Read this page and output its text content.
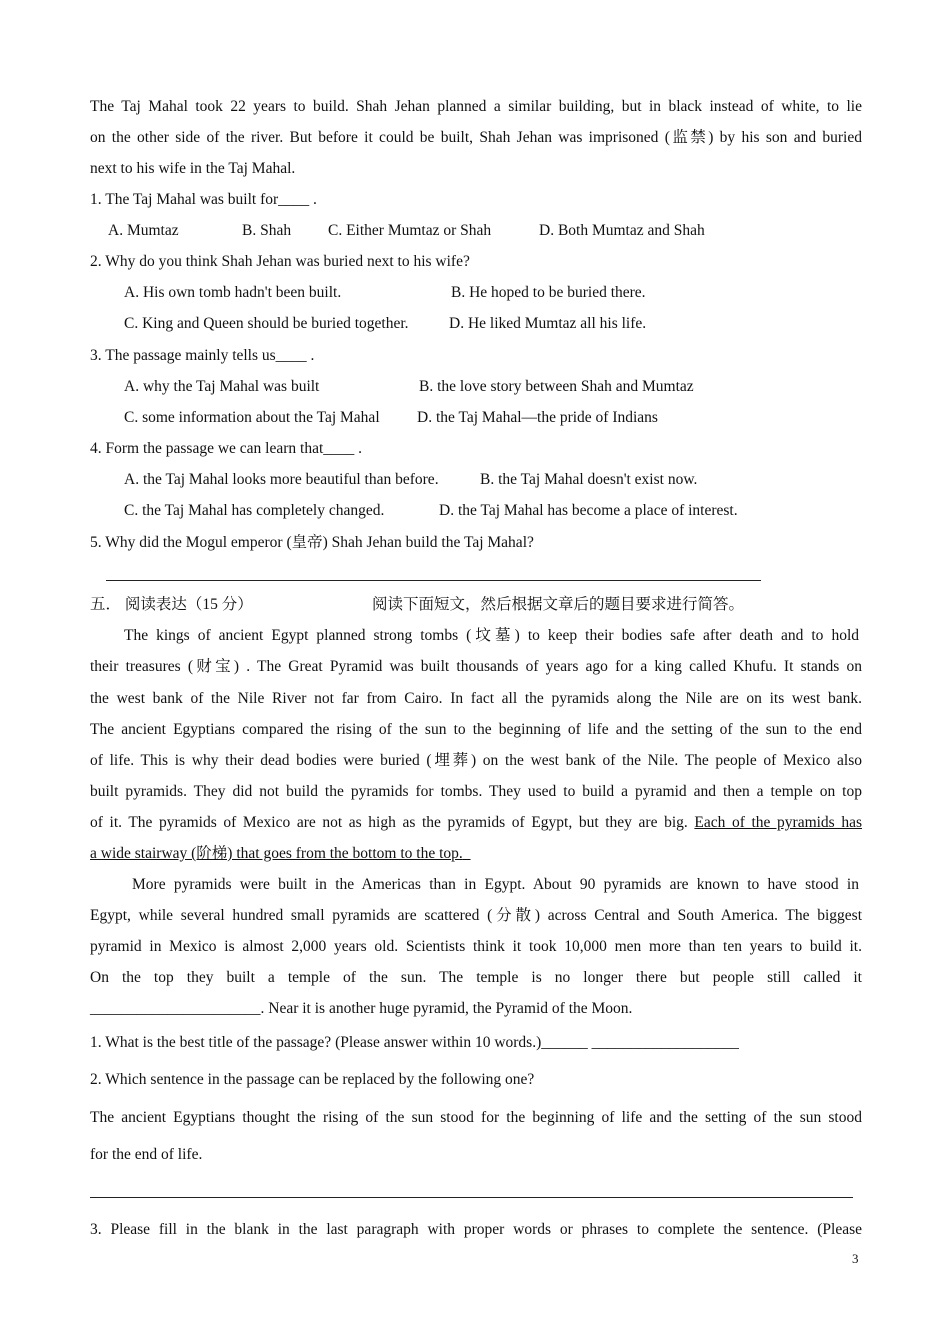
The Taj Mahal took 22 years to build. Shah Jehan planned a similar building, but in black instead of white, to lie
on the other side of the river. But before it could be built, Shah Jehan was imprisoned (监禁) by his son and buried
next to his wife in the Taj Mahal.
1. The Taj Mahal was built for____ .
A. Mumtaz	B. Shah C. Either Mumtaz or Shah	D. Both Mumtaz and Shah
2. Why do you think Shah Jehan was buried next to his wife?
A. His own tomb hadn't been built.	B. He hoped to be buried there.
C. King and Queen should be buried together.	D. He liked Mumtaz all his life.
3. The passage mainly tells us____ .
A. why the Taj Mahal was built	B. the love story between Shah and Mumtaz
C. some information about the Taj Mahal D. the Taj Mahal—the pride of Indians
4. Form the passage we can learn that____ .
A. the Taj Mahal looks more beautiful than before.	B. the Taj Mahal doesn't exist now.
C. the Taj Mahal has completely changed.	D. the Taj Mahal has become a place of interest.
5. Why did the Mogul emperor (皇帝) Shah Jehan build the Taj Mahal?
五． 阅读表达（15 分）	阅读下面短文，然后根据文章后的题目要求进行简答。
The kings of ancient Egypt planned strong tombs (坟墓) to keep their bodies safe after death and to hold
their treasures (财宝) . The Great Pyramid was built thousands of years ago for a king called Khufu. It stands on
the west bank of the Nile River not far from Cairo. In fact all the pyramids along the Nile are on its west bank.
The ancient Egyptians compared the rising of the sun to the beginning of life and the setting of the sun to the end
of life. This is why their dead bodies were buried (埋葬) on the west bank of the Nile. The people of Mexico also
built pyramids. They did not build the pyramids for tombs. They used to build a pyramid and then a temple on top
of it. The pyramids of Mexico are not as high as the pyramids of Egypt, but they are big. Each of the pyramids has
a wide stairway (阶梯) that goes from the bottom to the top.
More pyramids were built in the Americas than in Egypt. About 90 pyramids are known to have stood in
Egypt, while several hundred small pyramids are scattered (分散) across Central and South America. The biggest
pyramid in Mexico is almost 2,000 years old. Scientists think it took 10,000 men more than ten years to build it.
On the top they built a temple of the sun. The temple is no longer there but people still called it
______________________. Near it is another huge pyramid, the Pyramid of the Moon.
1. What is the best title of the passage? (Please answer within 10 words.)______ ___________________
2. Which sentence in the passage can be replaced by the following one?
The ancient Egyptians thought the rising of the sun stood for the beginning of life and the setting of the sun stood
for the end of life.
3. Please fill in the blank in the last paragraph with proper words or phrases to complete the sentence. (Please
3
